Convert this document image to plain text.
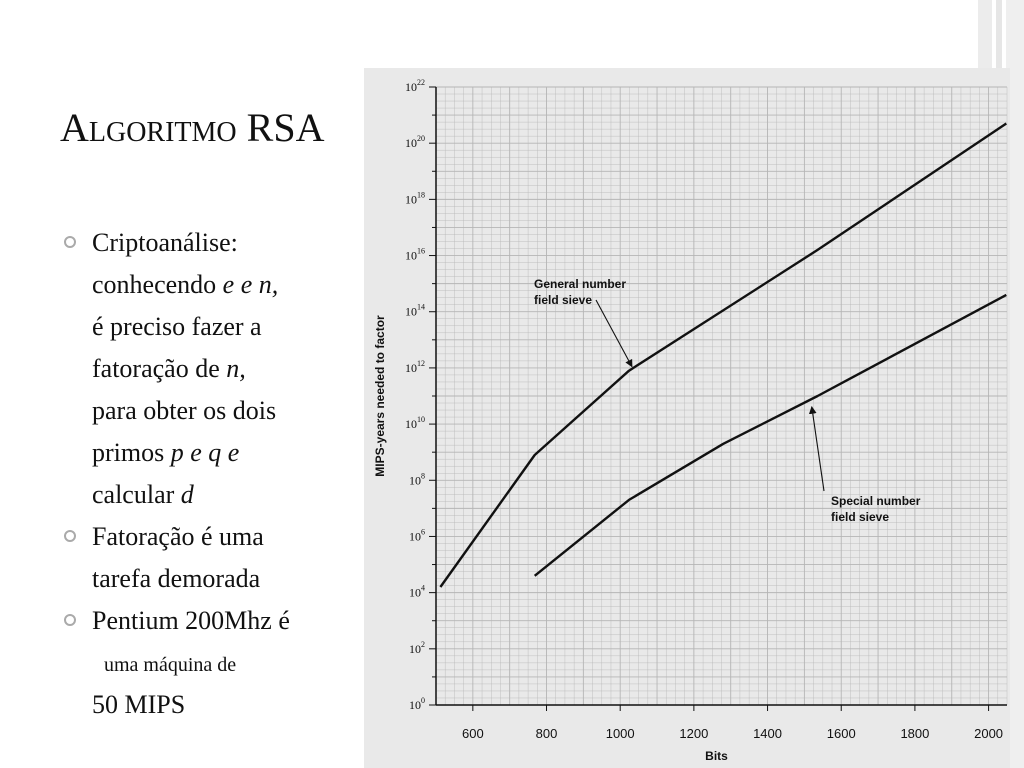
Algoritmo RSA
Criptoanálise:
conhecendo e e n,
é preciso fazer a
fatoração de n,
para obter os dois
primos p e q e
calcular d
Fatoração é uma
tarefa demorada
Pentium 200Mhz é
uma máquina de
50 MIPS	$10^0$
$10^2$
$10^4$
$10^6$
$10^8$
$10^{10}$
$10^{12}$
$10^{14}$
$10^{16}$
$10^{18}$
$10^{20}$
$10^{22}$
600	800	1000	1200	1400	1600	1800	2000
Bits
MIPS-years needed to factor
General number
field sieve
Special number
field sieve
